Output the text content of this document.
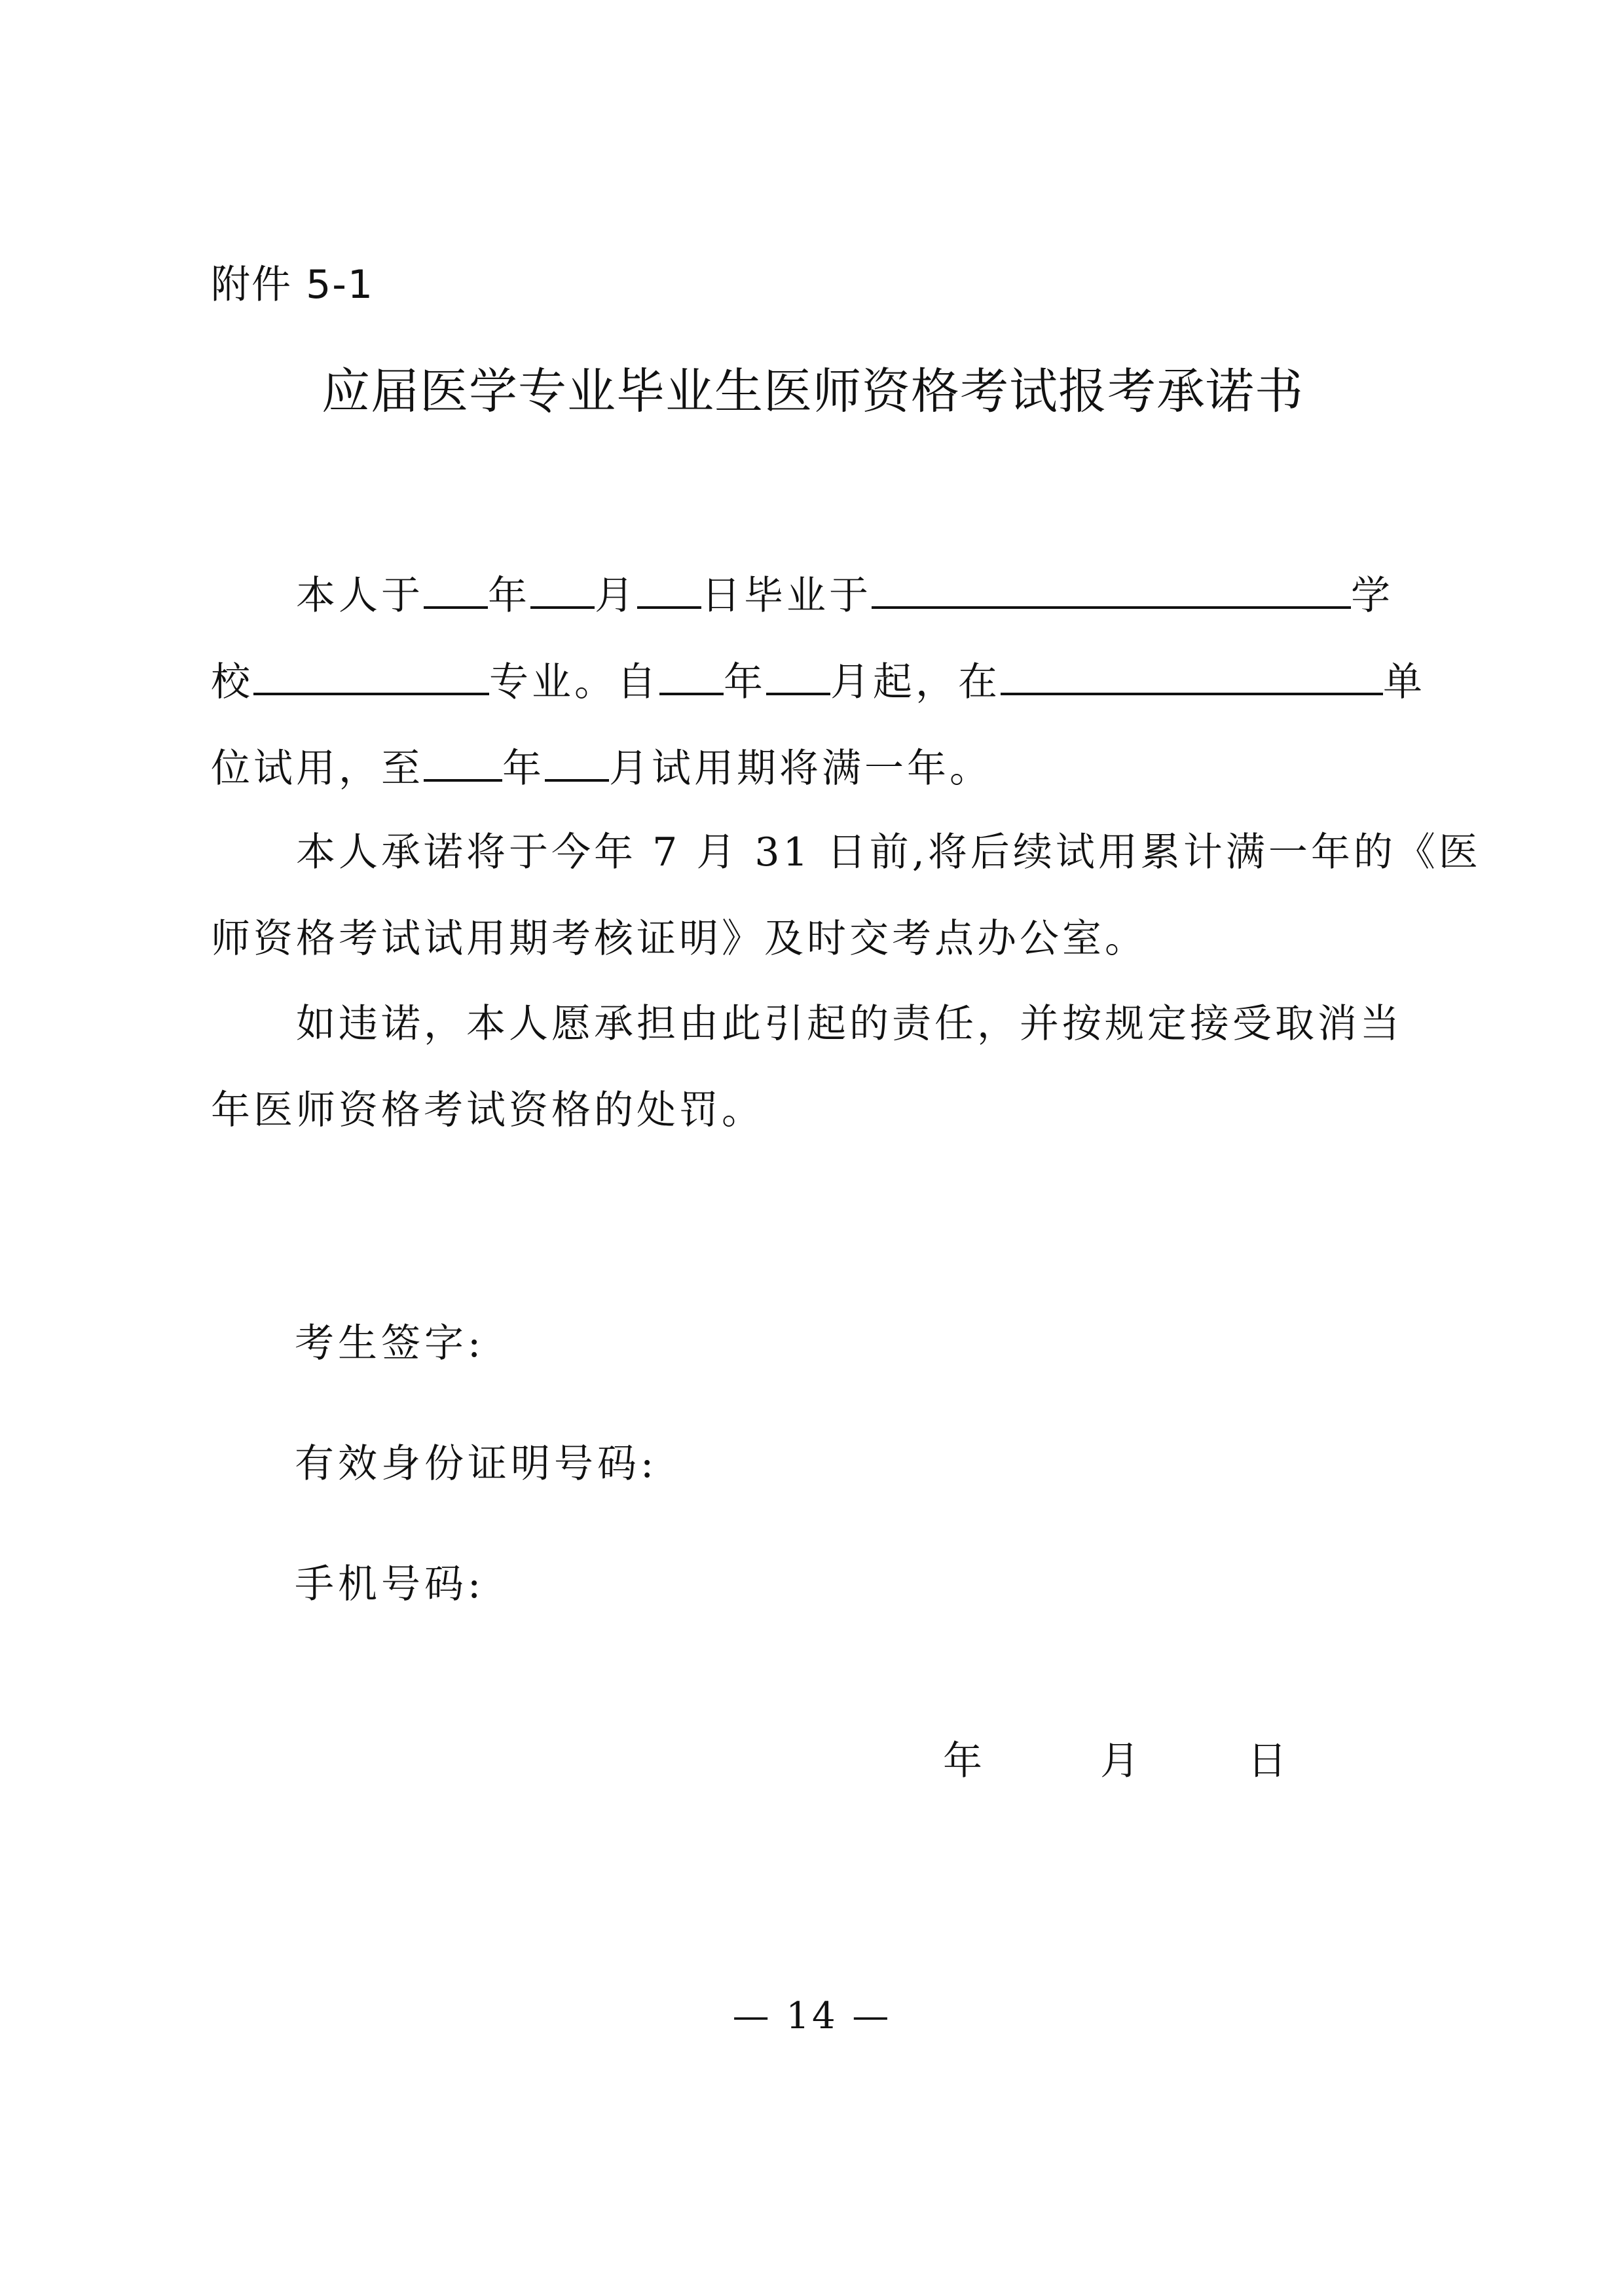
附件 5-1
应届医学专业毕业生医师资格考试报考承诺书
本人于 年 月 日毕业于	学
校	专业。自 年 月起，在	单
位试用，至 年 月试用期将满一年。
本人承诺将于今年 7 月 31 日前,将后续试用累计满一年的《医
师资格考试试用期考核证明》及时交考点办公室。
如违诺，本人愿承担由此引起的责任，并按规定接受取消当
年医师资格考试资格的处罚。
考生签字:
有效身份证明号码:
手机号码:
年	月	日
— 14 —
